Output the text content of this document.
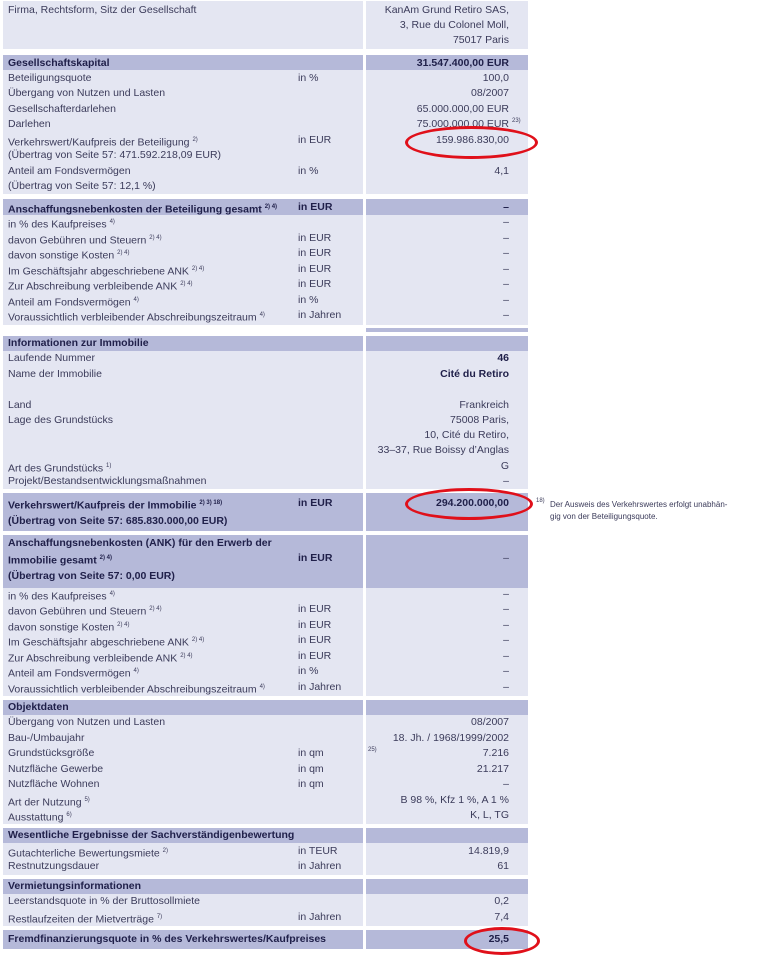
Firma, Rechtsform, Sitz der Gesellschaft	KanAm Grund Retiro SAS,
3, Rue du Colonel Moll,
75017 Paris
Gesellschaftskapital	31.547.400,00 EUR
Beteiligungsquote	in %	100,0
Übergang von Nutzen und Lasten	08/2007
Gesellschafterdarlehen	65.000.000,00 EUR
Darlehen	75.000.000,00 EUR 23)
Verkehrswert/Kaufpreis der Beteiligung $^{2)}$	in EUR	159.986.830,00
(Übertrag von Seite 57: 471.592.218,09 EUR)
Anteil am Fondsvermögen	in %	4,1
(Übertrag von Seite 57: 12,1 %)
Anschaffungsnebenkosten der Beteiligung gesamt $^{2) 4)}$ in EUR	–
in % des Kaufpreises $^{4)}$	–
davon Gebühren und Steuern $^{2) 4)}$	in EUR	–
davon sonstige Kosten $^{2) 4)}$	in EUR	–
Im Geschäftsjahr abgeschriebene ANK $^{2) 4)}$	in EUR	–
Zur Abschreibung verbleibende ANK $^{2) 4)}$	in EUR	–
Anteil am Fondsvermögen $^{4)}$	in %	–
Voraussichtlich verbleibender Abschreibungszeitraum $^{4)}$	in Jahren	–
Informationen zur Immobilie
Laufende Nummer	46
Name der Immobilie	Cité du Retiro
Land	Frankreich
Lage des Grundstücks	75008 Paris,
10, Cité du Retiro,
33–37, Rue Boissy d’Anglas
Art des Grundstücks $^{1)}$	G
Projekt/Bestandsentwicklungsmaßnahmen	–
Verkehrswert/Kaufpreis der Immobilie $^{2) 3) 18)}$	in EUR	294.200.000,00
(Übertrag von Seite 57: 685.830.000,00 EUR)
18) Der Ausweis des Verkehrswertes erfolgt unabhän-
gig von der Beteiligungsquote.
Anschaffungsnebenkosten (ANK) für den Erwerb der
Immobilie gesamt $^{2) 4)}$	in EUR	–
(Übertrag von Seite 57: 0,00 EUR)
in % des Kaufpreises $^{4)}$	–
davon Gebühren und Steuern $^{2) 4)}$	in EUR	–
davon sonstige Kosten $^{2) 4)}$	in EUR	–
Im Geschäftsjahr abgeschriebene ANK $^{2) 4)}$	in EUR	–
Zur Abschreibung verbleibende ANK $^{2) 4)}$	in EUR	–
Anteil am Fondsvermögen $^{4)}$	in %	–
Voraussichtlich verbleibender Abschreibungszeitraum $^{4)}$	in Jahren	–
Objektdaten
Übergang von Nutzen und Lasten	08/2007
Bau-/Umbaujahr	18. Jh. / 1968/1999/2002
Grundstücksgröße	in qm	25)	7.216
Nutzfläche Gewerbe	in qm	21.217
Nutzfläche Wohnen	in qm	–
Art der Nutzung $^{5)}$	B 98 %, Kfz 1 %, A 1 %
Ausstattung $^{6)}$	K, L, TG
Wesentliche Ergebnisse der Sachverständigenbewertung
Gutachterliche Bewertungsmiete $^{2)}$	in TEUR	14.819,9
Restnutzungsdauer	in Jahren	61
Vermietungsinformationen
Leerstandsquote in % der Bruttosollmiete	0,2
Restlaufzeiten der Mietverträge $^{7)}$	in Jahren	7,4
Fremdfinanzierungsquote in % des Verkehrswertes/Kaufpreises	25,5
